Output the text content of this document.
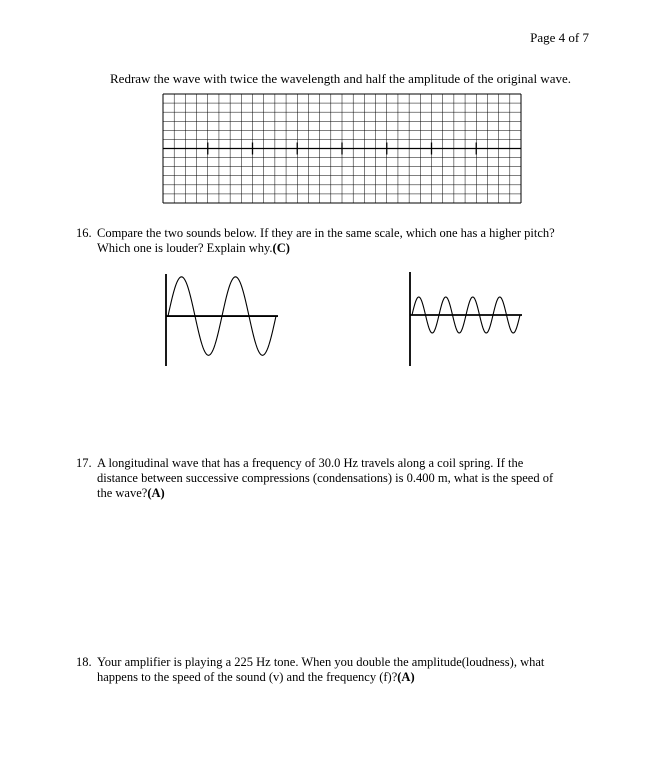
Page 4 of 7
Redraw the wave with twice the wavelength and half the amplitude of the original wave.
16. Compare the two sounds below. If they are in the same scale, which one has a higher pitch?
Which one is louder? Explain why.(C)
17. A longitudinal wave that has a frequency of 30.0 Hz travels along a coil spring. If the
distance between successive compressions (condensations) is 0.400 m, what is the speed of
the wave?(A)
18. Your amplifier is playing a 225 Hz tone. When you double the amplitude(loudness), what
happens to the speed of the sound (v) and the frequency (f)?(A)
